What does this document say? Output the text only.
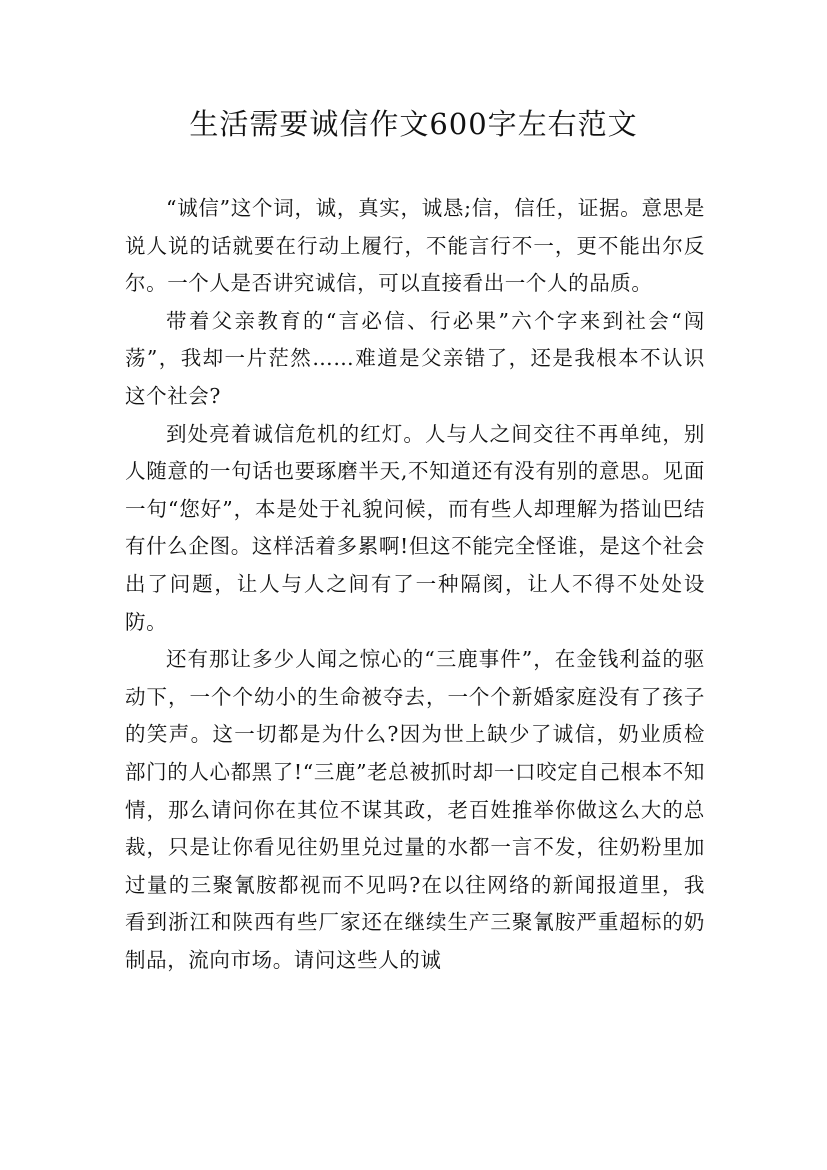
生活需要诚信作文600字左右范文

“诚信”这个词，诚，真实，诚恳;信，信任，证据。意思是说人说的话就要在行动上履行，不能言行不一，更不能出尔反尔。一个人是否讲究诚信，可以直接看出一个人的品质。

带着父亲教育的“言必信、行必果”六个字来到社会“闯荡”，我却一片茫然……难道是父亲错了，还是我根本不认识这个社会?

到处亮着诚信危机的红灯。人与人之间交往不再单纯，别人随意的一句话也要琢磨半天,不知道还有没有别的意思。见面一句“您好”，本是处于礼貌问候，而有些人却理解为搭讪巴结有什么企图。这样活着多累啊!但这不能完全怪谁，是这个社会出了问题，让人与人之间有了一种隔阂，让人不得不处处设防。

还有那让多少人闻之惊心的“三鹿事件”，在金钱利益的驱动下，一个个幼小的生命被夺去，一个个新婚家庭没有了孩子的笑声。这一切都是为什么?因为世上缺少了诚信，奶业质检部门的人心都黑了!“三鹿”老总被抓时却一口咬定自己根本不知情，那么请问你在其位不谋其政，老百姓推举你做这么大的总裁，只是让你看见往奶里兑过量的水都一言不发，往奶粉里加过量的三聚氰胺都视而不见吗?在以往网络的新闻报道里，我看到浙江和陕西有些厂家还在继续生产三聚氰胺严重超标的奶制品，流向市场。请问这些人的诚
